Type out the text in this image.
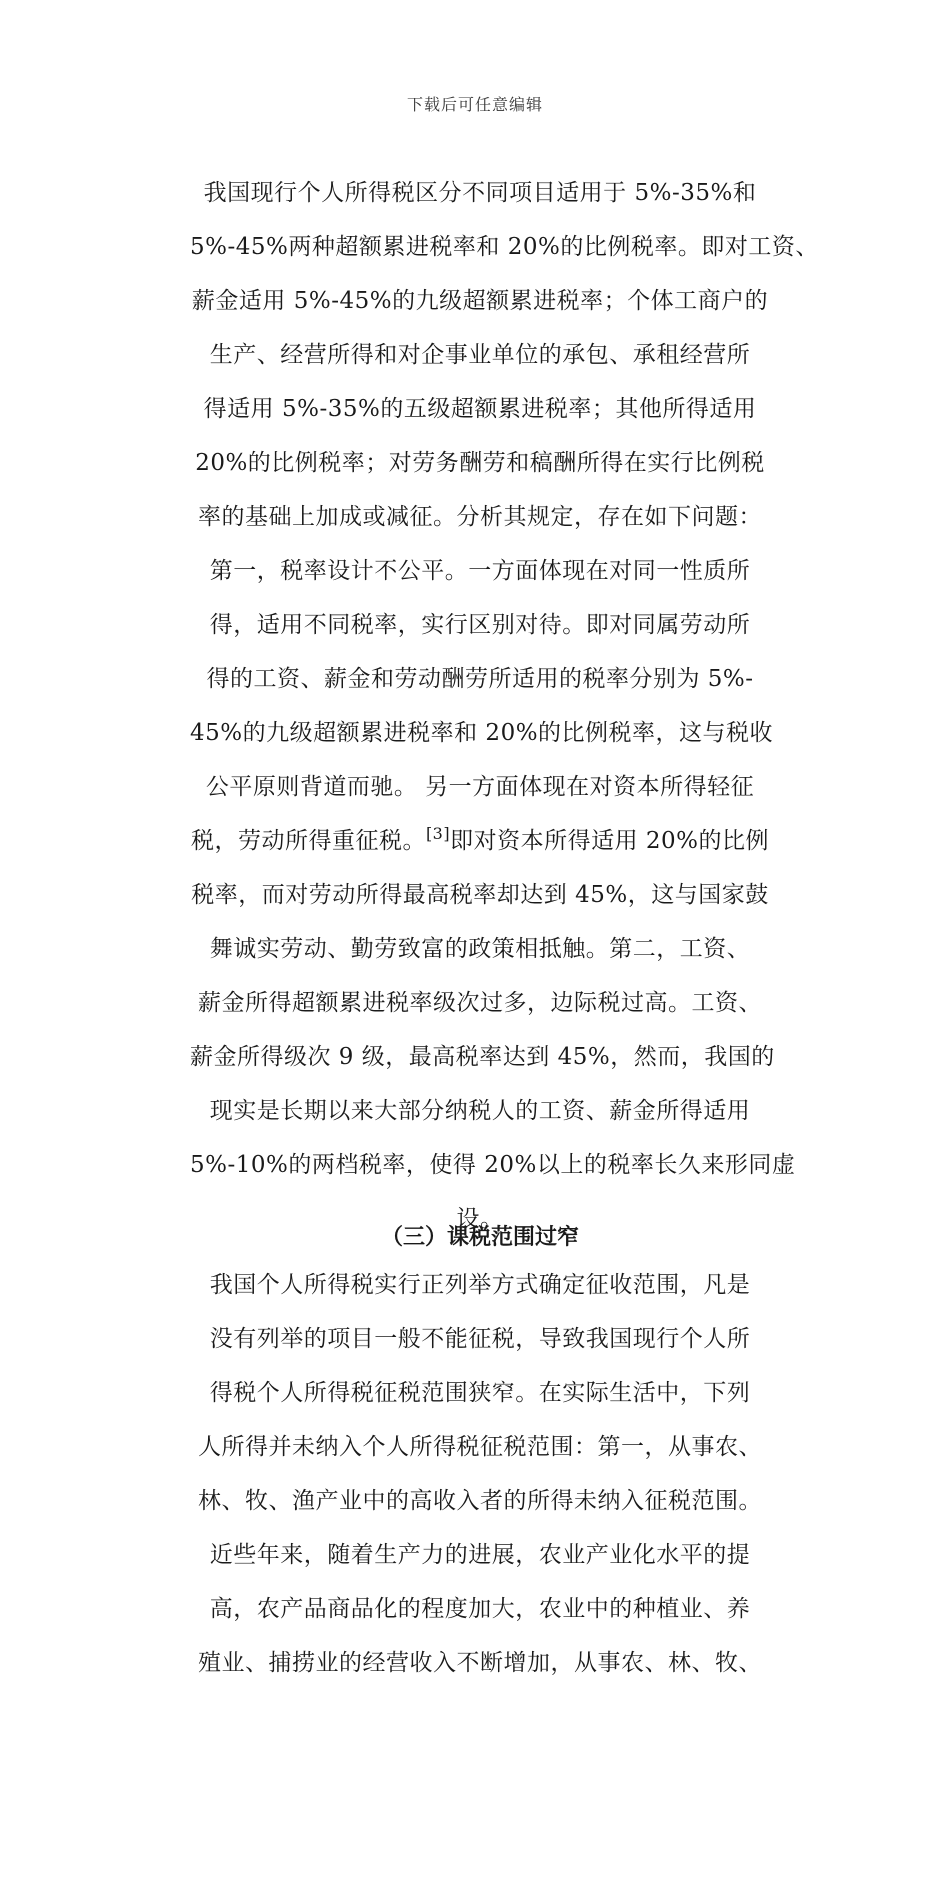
下载后可任意编辑
我国现行个人所得税区分不同项目适用于 5%-35%和
5%-45%两种超额累进税率和 20%的比例税率。即对工资、
薪金适用 5%-45%的九级超额累进税率；个体工商户的
生产、经营所得和对企事业单位的承包、承租经营所
得适用 5%-35%的五级超额累进税率；其他所得适用
20%的比例税率；对劳务酬劳和稿酬所得在实行比例税
率的基础上加成或减征。分析其规定，存在如下问题：
第一，税率设计不公平。一方面体现在对同一性质所
得，适用不同税率，实行区别对待。即对同属劳动所
得的工资、薪金和劳动酬劳所适用的税率分别为 5%-
45%的九级超额累进税率和 20%的比例税率，这与税收
公平原则背道而驰。 另一方面体现在对资本所得轻征
税，劳动所得重征税。[3]即对资本所得适用 20%的比例
税率，而对劳动所得最高税率却达到 45%，这与国家鼓
舞诚实劳动、勤劳致富的政策相抵触。第二，工资、
薪金所得超额累进税率级次过多，边际税过高。工资、
薪金所得级次 9 级，最高税率达到 45%，然而，我国的
现实是长期以来大部分纳税人的工资、薪金所得适用
5%-10%的两档税率，使得 20%以上的税率长久来形同虚
设。
（三）课税范围过窄
我国个人所得税实行正列举方式确定征收范围，凡是
没有列举的项目一般不能征税，导致我国现行个人所
得税个人所得税征税范围狭窄。在实际生活中，下列
人所得并未纳入个人所得税征税范围：第一，从事农、
林、牧、渔产业中的高收入者的所得未纳入征税范围。
近些年来，随着生产力的进展，农业产业化水平的提
高，农产品商品化的程度加大，农业中的种植业、养
殖业、捕捞业的经营收入不断增加，从事农、林、牧、
